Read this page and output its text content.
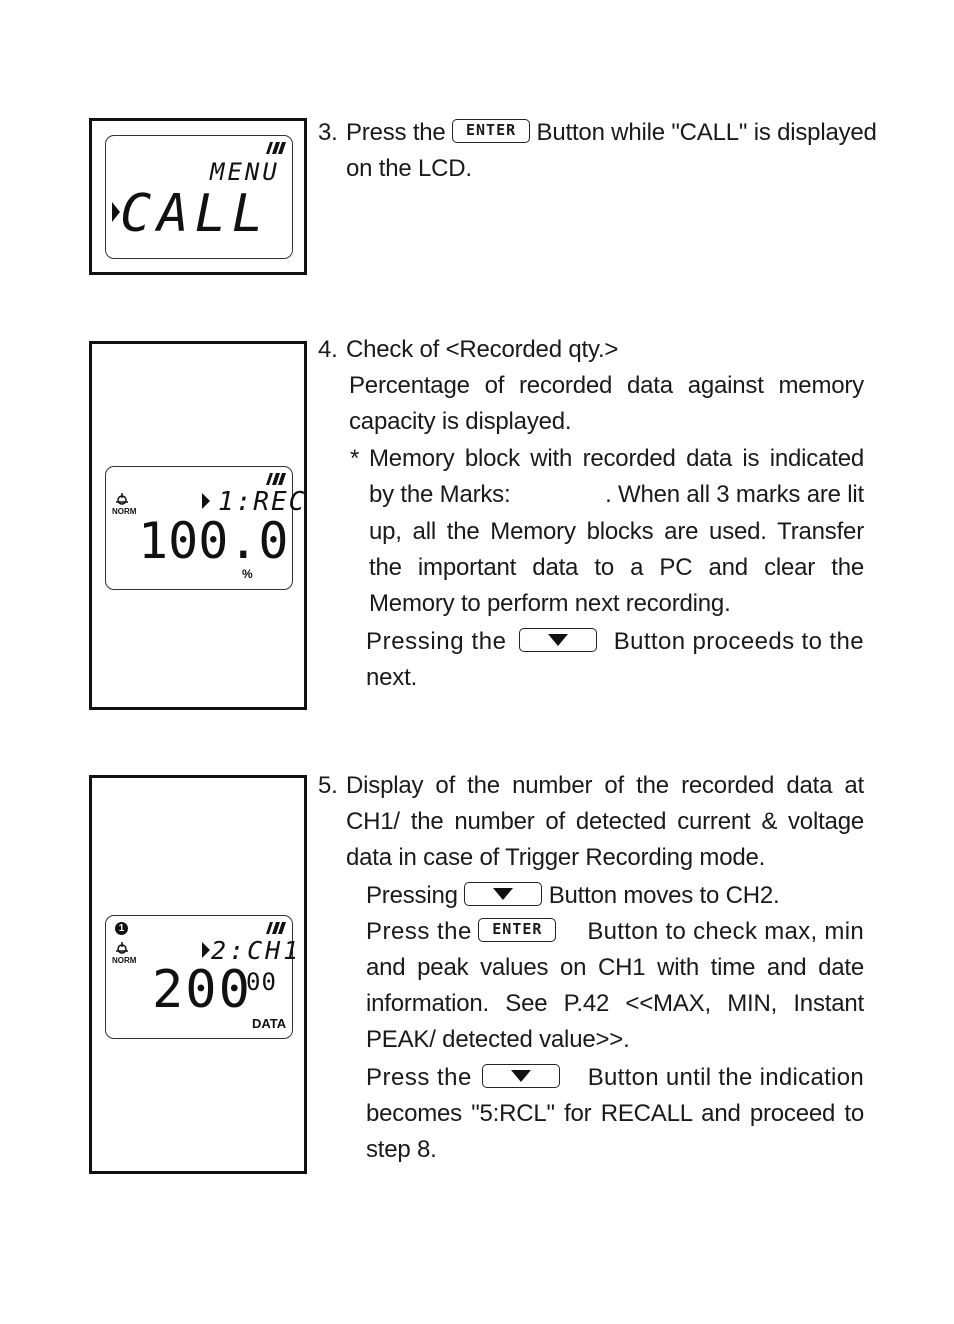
MENU
CALL
3. Press the ENTER Button while "CALL" is displayed
on the LCD.
NORM	1:REC
100.0
%
4. Check of <Recorded qty.>
Percentage of recorded data against memory capacity is displayed.
* Memory block with recorded data is indicated
by the Marks:	. When all 3 marks are lit
up, all the Memory blocks are used. Transfer the important data to a PC and clear the Memory to perform next recording.
Pressing the	Button proceeds to the
next.
1
NORM	2:CH1
200
00
DATA
5. Display of the number of the recorded data at CH1/ the number of detected current & voltage data in case of Trigger Recording mode.
Pressing	Button moves to CH2.
Press the ENTER Button to check max, min
and peak values on CH1 with time and date information. See P.42 <<MAX, MIN, Instant PEAK/ detected value>>.
Press the	Button until the indication
becomes "5:RCL" for RECALL and proceed to step 8.
